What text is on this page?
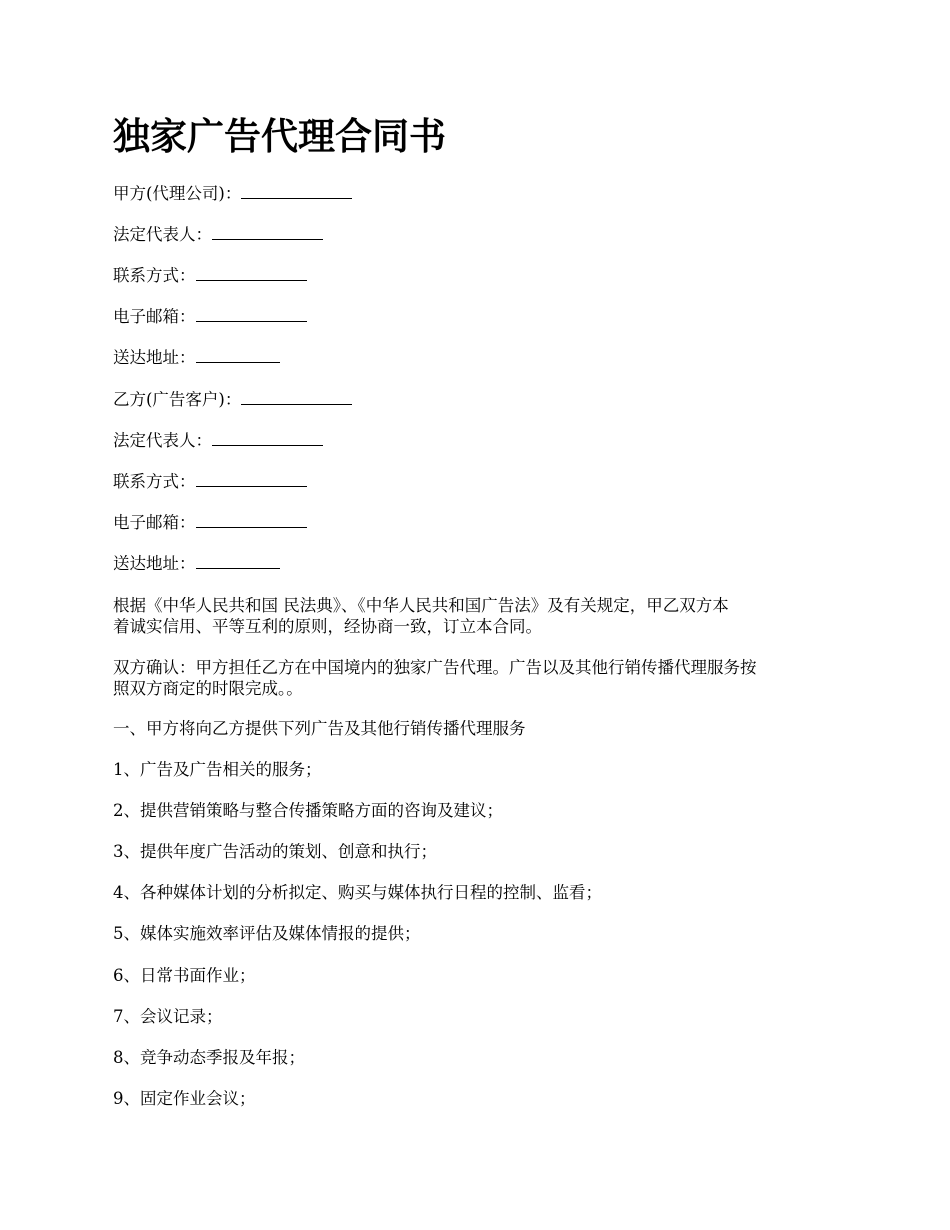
独家广告代理合同书
甲方(代理公司)：
法定代表人：
联系方式：
电子邮箱：
送达地址：
乙方(广告客户)：
法定代表人：
联系方式：
电子邮箱：
送达地址：
根据《中华人民共和国 民法典》、《中华人民共和国广告法》及有关规定，甲乙双方本
着诚实信用、平等互利的原则，经协商一致，订立本合同。
双方确认：甲方担任乙方在中国境内的独家广告代理。广告以及其他行销传播代理服务按
照双方商定的时限完成。。
一、甲方将向乙方提供下列广告及其他行销传播代理服务
1、广告及广告相关的服务；
2、提供营销策略与整合传播策略方面的咨询及建议；
3、提供年度广告活动的策划、创意和执行；
4、各种媒体计划的分析拟定、购买与媒体执行日程的控制、监看；
5、媒体实施效率评估及媒体情报的提供；
6、日常书面作业；
7、会议记录；
8、竞争动态季报及年报；
9、固定作业会议；
